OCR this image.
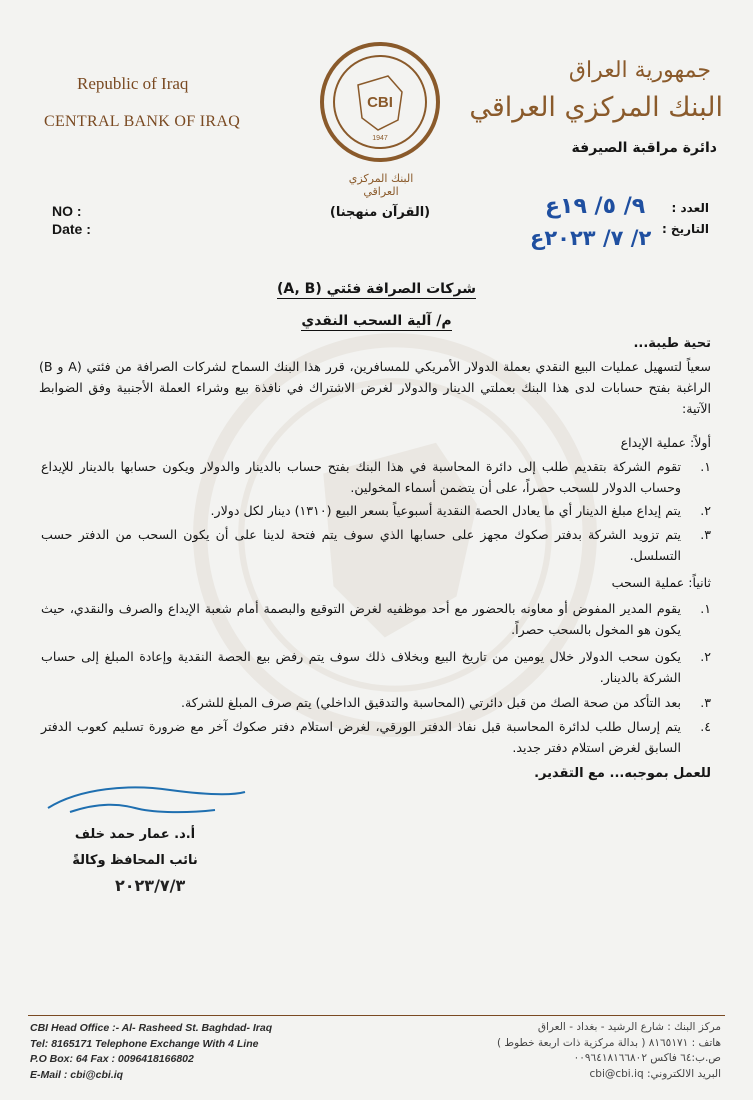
Republic of Iraq
CENTRAL BANK OF IRAQ
CBI
1947
البنك المركزي العراقي
(القرآن منهجنا)
جمهورية العراق
البنك المركزي العراقي
دائرة مراقبة الصيرفة
NO :
Date :
العدد :
التاريخ :
٩/ ٥/ ١٩ع
٢/ ٧/ ٢٠٢٣ع
شركات الصرافة فئتي (A, B)
م/ آلية السحب النقدي
تحية طيبة...
سعياً لتسهيل عمليات البيع النقدي بعملة الدولار الأمريكي للمسافرين، قرر هذا البنك السماح لشركات الصرافة من فئتي (A و B) الراغبة بفتح حسابات لدى هذا البنك بعملتي الدينار والدولار لغرض الاشتراك في نافذة بيع وشراء العملة الأجنبية وفق الضوابط الآتية:
أولاً: عملية الإيداع
١.
تقوم الشركة بتقديم طلب إلى دائرة المحاسبة في هذا البنك بفتح حساب بالدينار والدولار ويكون حسابها بالدينار للإيداع وحساب الدولار للسحب حصراً، على أن يتضمن أسماء المخولين.
٢.
يتم إيداع مبلغ الدينار أي ما يعادل الحصة النقدية أسبوعياً بسعر البيع (١٣١٠) دينار لكل دولار.
٣.
يتم تزويد الشركة بدفتر صكوك مجهز على حسابها الذي سوف يتم فتحة لدينا على أن يكون السحب من الدفتر حسب التسلسل.
ثانياً: عملية السحب
١.
يقوم المدير المفوض أو معاونه بالحضور مع أحد موظفيه لغرض التوقيع والبصمة أمام شعبة الإيداع والصرف والنقدي، حيث يكون هو المخول بالسحب حصراً.
٢.
يكون سحب الدولار خلال يومين من تاريخ البيع وبخلاف ذلك سوف يتم رفض بيع الحصة النقدية وإعادة المبلغ إلى حساب الشركة بالدينار.
٣.
بعد التأكد من صحة الصك من قبل دائرتي (المحاسبة والتدقيق الداخلي) يتم صرف المبلغ للشركة.
٤.
يتم إرسال طلب لدائرة المحاسبة قبل نفاذ الدفتر الورقي، لغرض استلام دفتر صكوك آخر مع ضرورة تسليم كعوب الدفتر السابق لغرض استلام دفتر جديد.
للعمل بموجبه... مع التقدير.
أ.د. عمار حمد خلف
نائب المحافظ وكالةً
٢٠٢٣/٧/٣
CBI Head Office :- Al- Rasheed St. Baghdad- Iraq
Tel: 8165171 Telephone Exchange With 4 Line
P.O Box: 64 Fax : 0096418166802
E-Mail : cbi@cbi.iq
مركز البنك : شارع الرشيد - بغداد - العراق
هاتف : ٨١٦٥١٧١ ( بدالة مركزية ذات اربعة خطوط )
ص.ب:٦٤ فاكس ٠٠٩٦٤١٨١٦٦٨٠٢
البريد الالكتروني: cbi@cbi.iq
